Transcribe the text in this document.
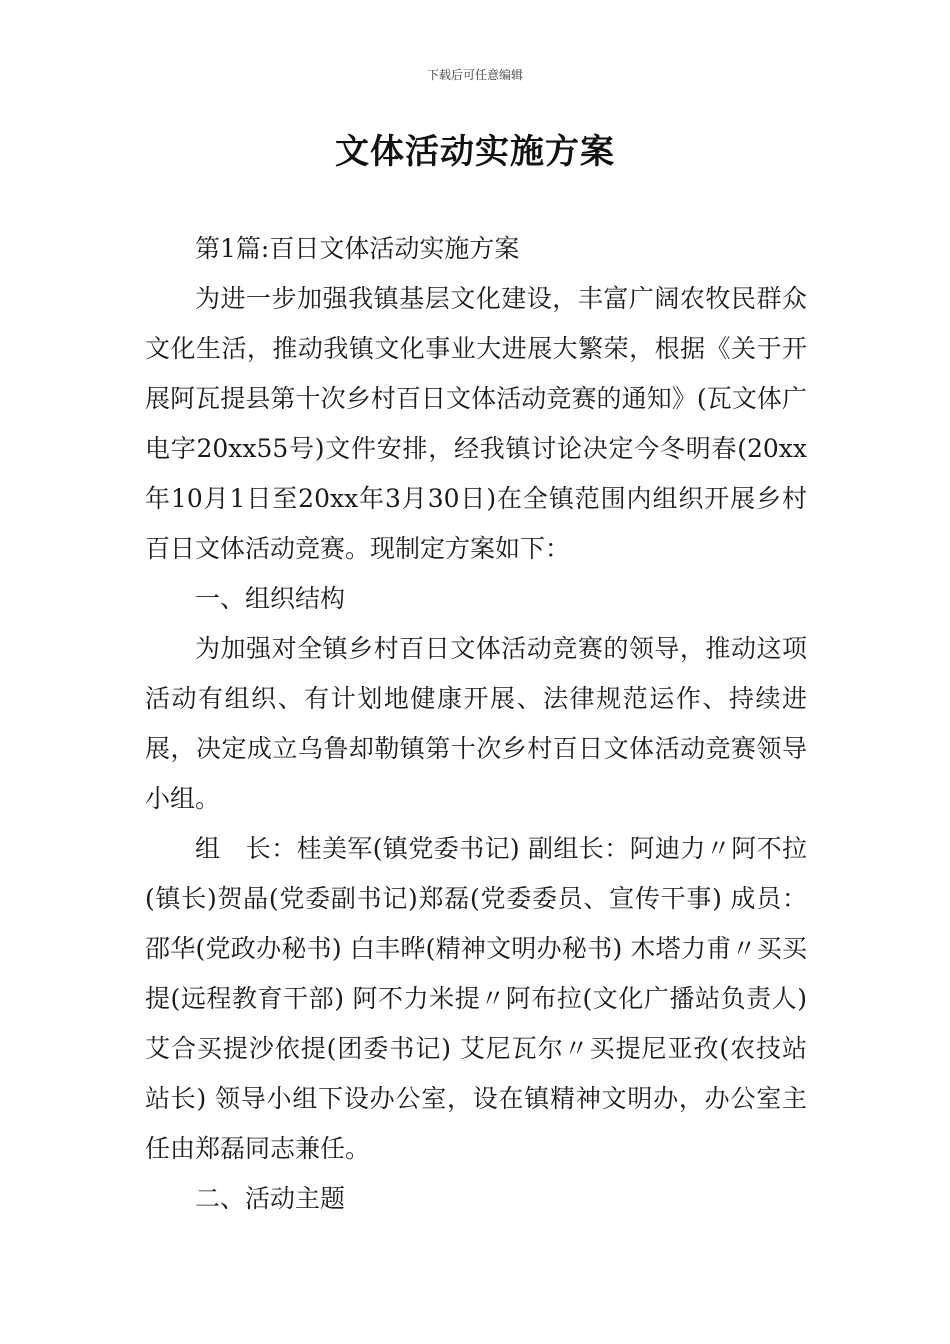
下载后可任意编辑
文体活动实施方案

第1篇:百日文体活动实施方案

为进一步加强我镇基层文化建设，丰富广阔农牧民群众文化生活，推动我镇文化事业大进展大繁荣，根据《关于开展阿瓦提县第十次乡村百日文体活动竞赛的通知》(瓦文体广电字20xx55号)文件安排，经我镇讨论决定今冬明春(20xx年10月1日至20xx年3月30日)在全镇范围内组织开展乡村百日文体活动竞赛。现制定方案如下：

一、组织结构

为加强对全镇乡村百日文体活动竞赛的领导，推动这项活动有组织、有计划地健康开展、法律规范运作、持续进展，决定成立乌鲁却勒镇第十次乡村百日文体活动竞赛领导小组。

组　长：桂美军(镇党委书记) 副组长：阿迪力〃阿不拉(镇长)贺晶(党委副书记)郑磊(党委委员、宣传干事) 成员： 邵华(党政办秘书) 白丰晔(精神文明办秘书) 木塔力甫〃买买提(远程教育干部) 阿不力米提〃阿布拉(文化广播站负责人) 艾合买提沙依提(团委书记) 艾尼瓦尔〃买提尼亚孜(农技站站长) 领导小组下设办公室，设在镇精神文明办，办公室主任由郑磊同志兼任。

二、活动主题
